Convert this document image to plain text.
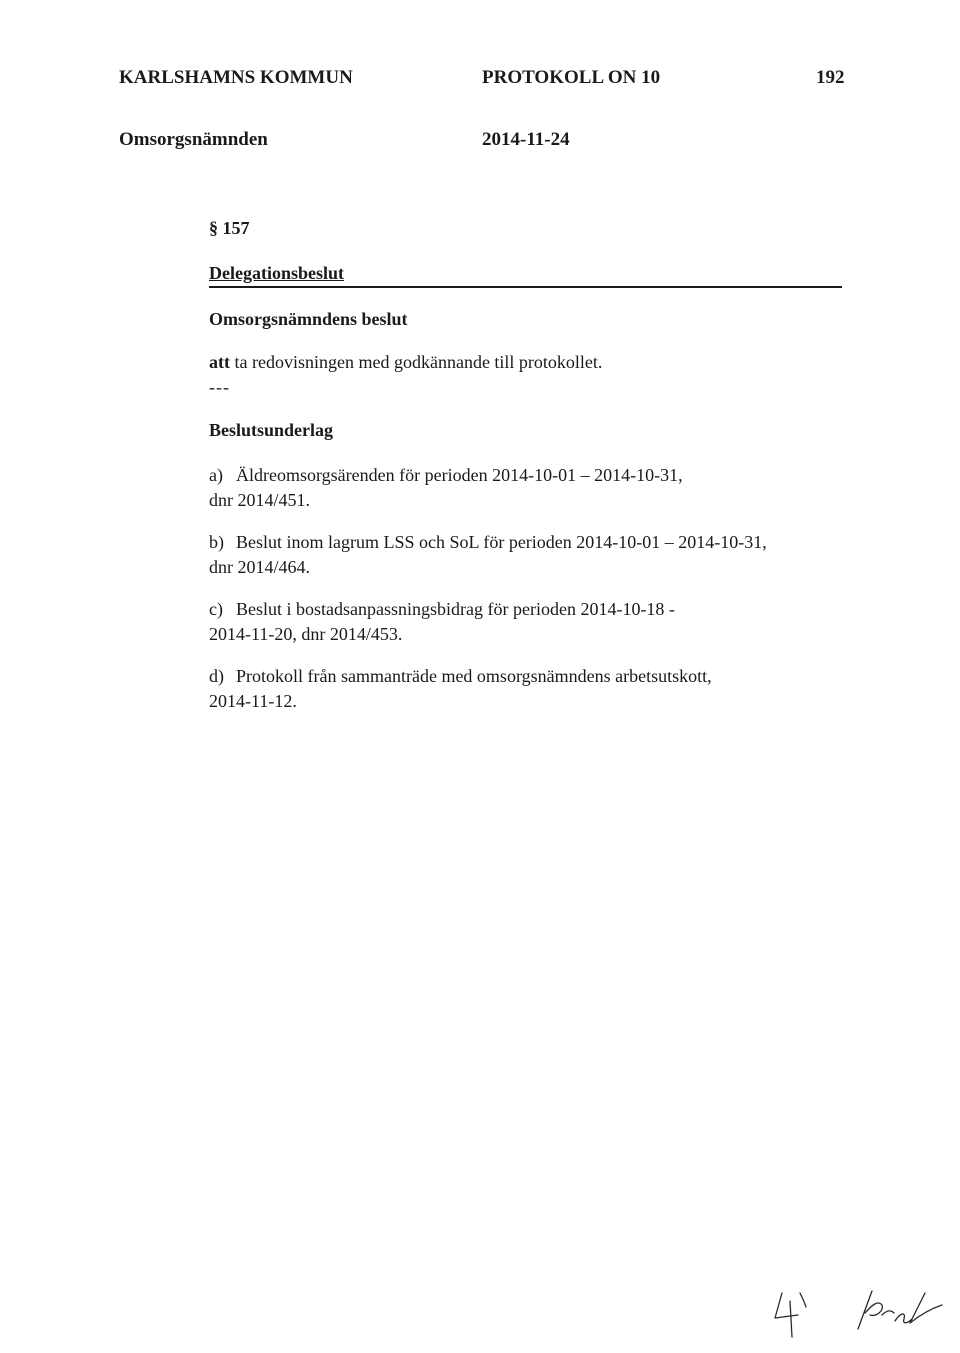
KARLSHAMNS KOMMUN	PROTOKOLL ON 10	192
Omsorgsnämnden	2014-11-24
§ 157
Delegationsbeslut
Omsorgsnämndens beslut
att ta redovisningen med godkännande till protokollet.
---
Beslutsunderlag
a) Äldreomsorgsärenden för perioden 2014-10-01 – 2014-10-31,
dnr 2014/451.
b) Beslut inom lagrum LSS och SoL för perioden 2014-10-01 – 2014-10-31,
dnr 2014/464.
c) Beslut i bostadsanpassningsbidrag för perioden 2014-10-18 -
2014-11-20, dnr 2014/453.
d) Protokoll från sammanträde med omsorgsnämndens arbetsutskott,
2014-11-12.
